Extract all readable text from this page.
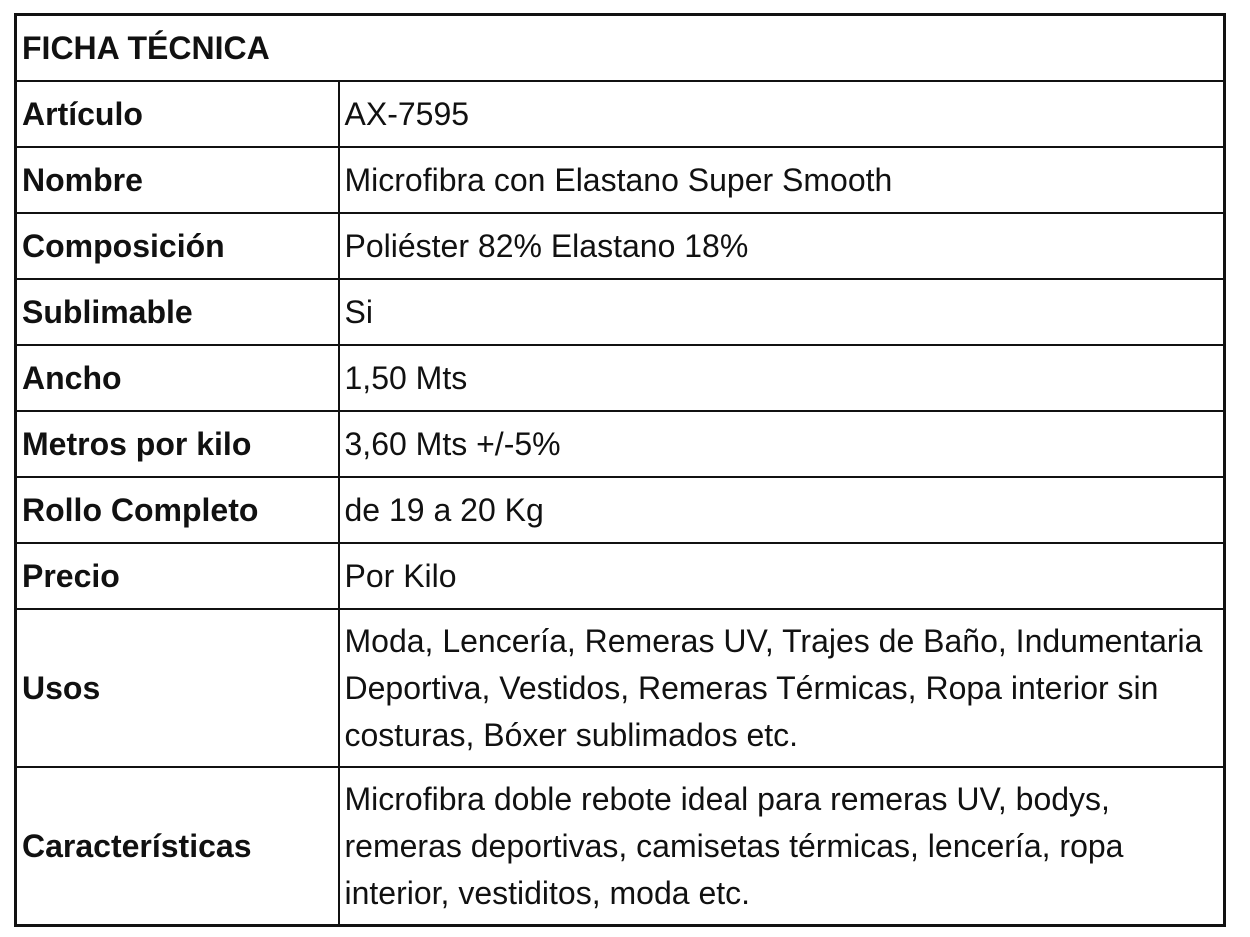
FICHA TÉCNICA	
Artículo	AX-7595
Nombre	Microfibra con Elastano Super Smooth
Composición	Poliéster 82% Elastano 18%
Sublimable	Si
Ancho	1,50 Mts
Metros por kilo	3,60 Mts +/-5%
Rollo Completo	de 19 a 20 Kg
Precio	Por Kilo
Usos	Moda, Lencería, Remeras UV, Trajes de Baño, Indumentaria Deportiva, Vestidos, Remeras Térmicas, Ropa interior sin costuras, Bóxer sublimados etc.
Características	Microfibra doble rebote ideal para remeras UV, bodys, remeras deportivas, camisetas térmicas, lencería, ropa interior, vestiditos, moda etc.
